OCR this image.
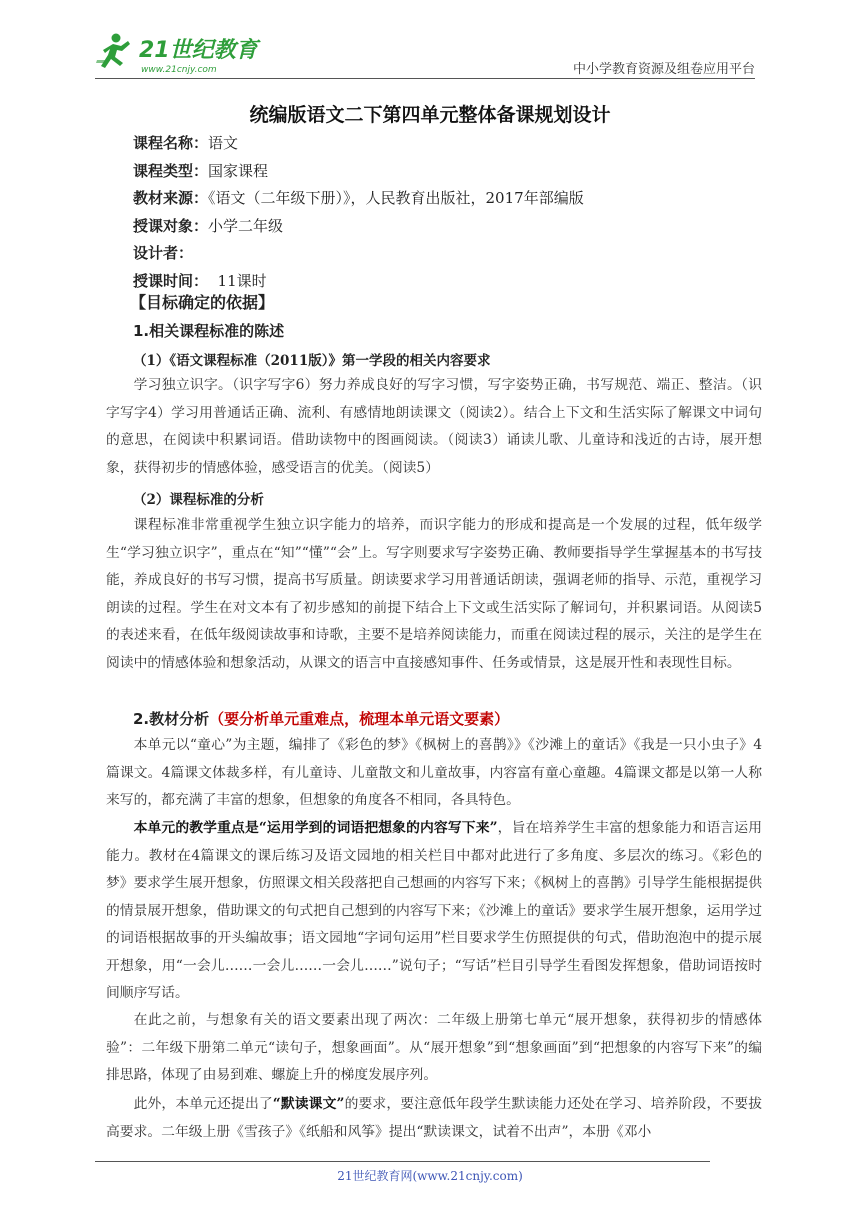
21世纪教育
www.21cnjy.com	中小学教育资源及组卷应用平台
统编版语文二下第四单元整体备课规划设计
课程名称：语文
课程类型：国家课程
教材来源：《语文（二年级下册）》，人民教育出版社，2017年部编版
授课对象：小学二年级
设计者：
授课时间：  11课时
【目标确定的依据】
1.相关课程标准的陈述
（1）《语文课程标准（2011版）》第一学段的相关内容要求

学习独立识字。（识字写字6）努力养成良好的写字习惯，写字姿势正确，书写规范、端正、整洁。（识字写字4）学习用普通话正确、流利、有感情地朗读课文（阅读2）。结合上下文和生活实际了解课文中词句的意思，在阅读中积累词语。借助读物中的图画阅读。（阅读3）诵读儿歌、儿童诗和浅近的古诗，展开想象，获得初步的情感体验，感受语言的优美。（阅读5）

（2）课程标准的分析

课程标准非常重视学生独立识字能力的培养，而识字能力的形成和提高是一个发展的过程，低年级学生“学习独立识字”，重点在“知”“懂”“会”上。写字则要求写字姿势正确、教师要指导学生掌握基本的书写技能，养成良好的书写习惯，提高书写质量。朗读要求学习用普通话朗读，强调老师的指导、示范，重视学习朗读的过程。学生在对文本有了初步感知的前提下结合上下文或生活实际了解词句，并积累词语。从阅读5的表述来看，在低年级阅读故事和诗歌，主要不是培养阅读能力，而重在阅读过程的展示，关注的是学生在阅读中的情感体验和想象活动，从课文的语言中直接感知事件、任务或情景，这是展开性和表现性目标。

2.教材分析（要分析单元重难点，梳理本单元语文要素）

本单元以“童心”为主题，编排了《彩色的梦》《枫树上的喜鹊》》《沙滩上的童话》《我是一只小虫子》4篇课文。4篇课文体裁多样，有儿童诗、儿童散文和儿童故事，内容富有童心童趣。4篇课文都是以第一人称来写的，都充满了丰富的想象，但想象的角度各不相同，各具特色。

本单元的教学重点是“运用学到的词语把想象的内容写下来”，旨在培养学生丰富的想象能力和语言运用能力。教材在4篇课文的课后练习及语文园地的相关栏目中都对此进行了多角度、多层次的练习。《彩色的梦》要求学生展开想象，仿照课文相关段落把自己想画的内容写下来；《枫树上的喜鹊》引导学生能根据提供的情景展开想象，借助课文的句式把自己想到的内容写下来；《沙滩上的童话》要求学生展开想象，运用学过的词语根据故事的开头编故事；语文园地“字词句运用”栏目要求学生仿照提供的句式，借助泡泡中的提示展开想象，用“一会儿……一会儿……一会儿……”说句子；“写话”栏目引导学生看图发挥想象，借助词语按时间顺序写话。

在此之前，与想象有关的语文要素出现了两次：二年级上册第七单元“展开想象，获得初步的情感体验”：二年级下册第二单元“读句子，想象画面”。从“展开想象”到“想象画面”到“把想象的内容写下来”的编排思路，体现了由易到难、螺旋上升的梯度发展序列。

此外，本单元还提出了“默读课文”的要求，要注意低年段学生默读能力还处在学习、培养阶段，不要拔高要求。二年级上册《雪孩子》《纸船和风筝》提出“默读课文，试着不出声”，本册《邓小

21世纪教育网(www.21cnjy.com)
